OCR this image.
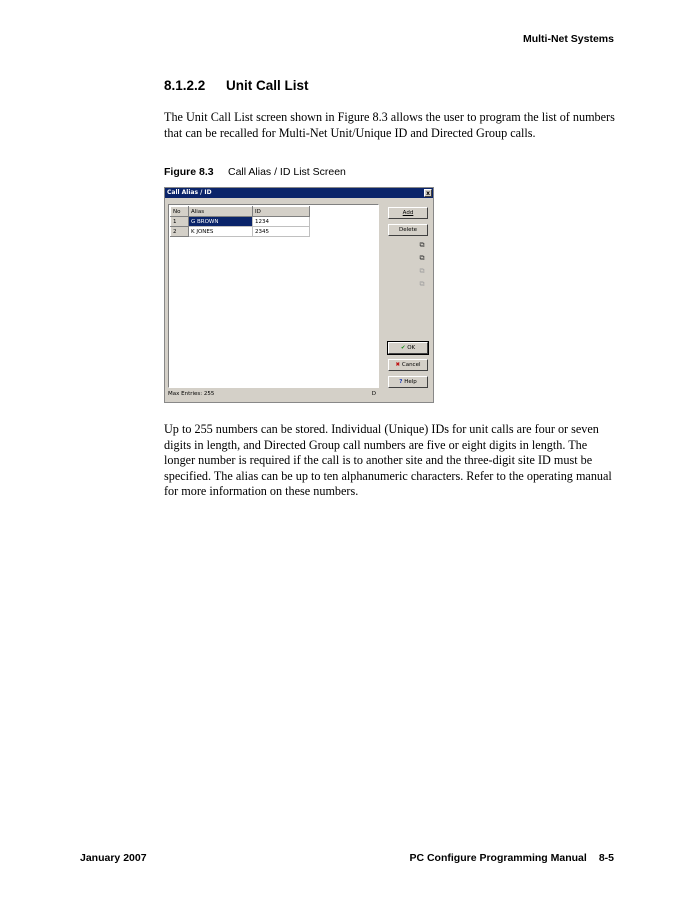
Multi-Net Systems
8.1.2.2 Unit Call List
The Unit Call List screen shown in Figure 8.3 allows the user to program the list of numbers that can be recalled for Multi-Net Unit/Unique ID and Directed Group calls.
Figure 8.3 Call Alias / ID List Screen
Call Alias / ID	x
No	Alias	ID
1	G BROWN	1234
2	K JONES	2345
Add
Delete
⧉
⧉
⧉
⧉
✔ OK
✖ Cancel
? Help
Max Entries: 255	D
Up to 255 numbers can be stored. Individual (Unique) IDs for unit calls are four or seven digits in length, and Directed Group call numbers are five or eight digits in length. The longer number is required if the call is to another site and the three-digit site ID must be specified. The alias can be up to ten alphanumeric characters. Refer to the operating manual for more information on these numbers.
January 2007	PC Configure Programming Manual 8-5
